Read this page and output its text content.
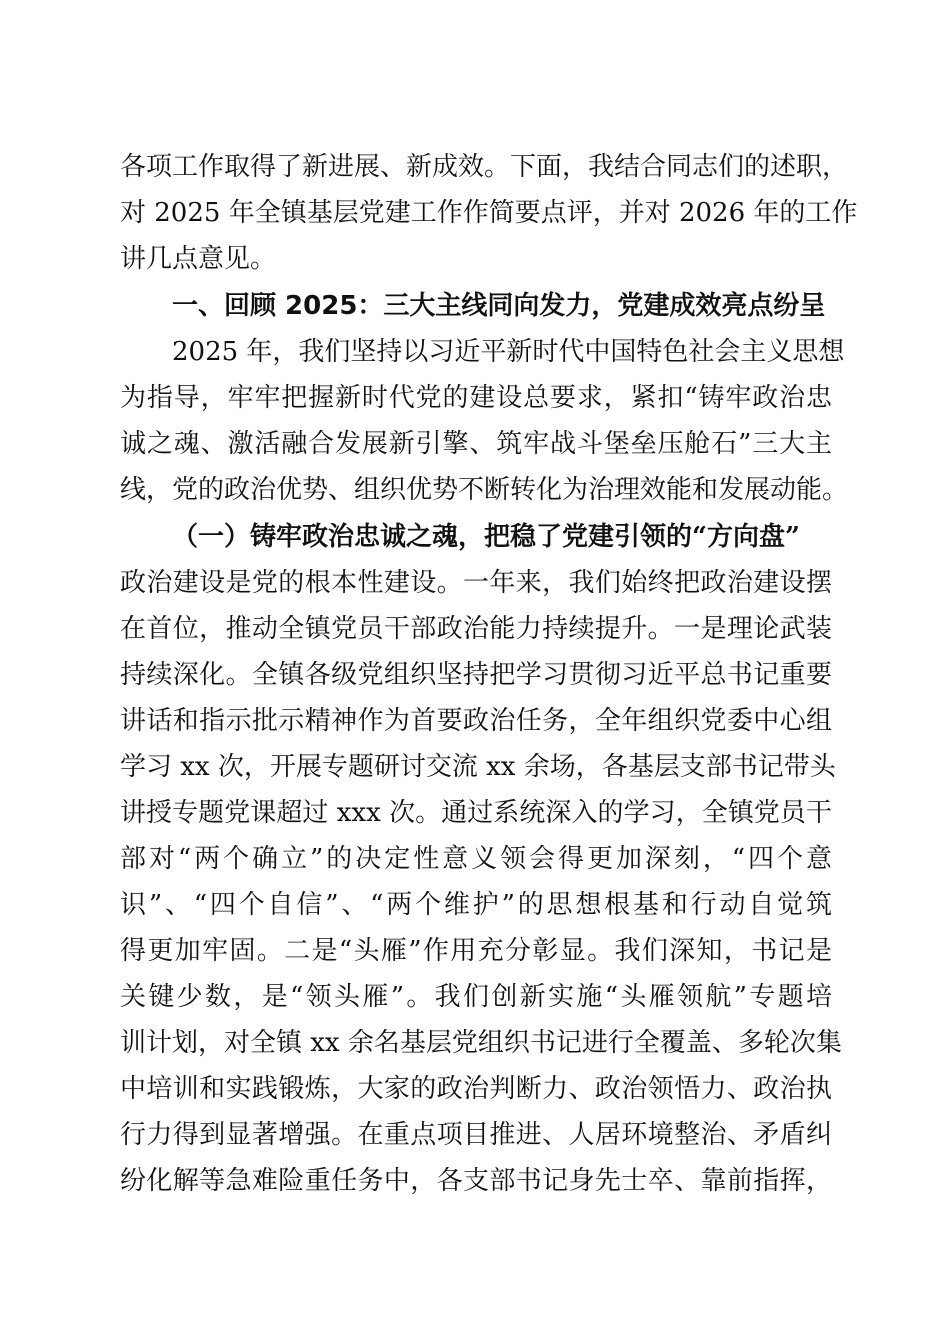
各项工作取得了新进展、新成效。下面，我结合同志们的述职，
对 2025 年全镇基层党建工作作简要点评，并对 2026 年的工作
讲几点意见。
一、回顾 2025：三大主线同向发力，党建成效亮点纷呈
2025 年，我们坚持以习近平新时代中国特色社会主义思想
为指导，牢牢把握新时代党的建设总要求，紧扣“铸牢政治忠
诚之魂、激活融合发展新引擎、筑牢战斗堡垒压舱石”三大主
线，党的政治优势、组织优势不断转化为治理效能和发展动能。
（一）铸牢政治忠诚之魂，把稳了党建引领的“方向盘”
政治建设是党的根本性建设。一年来，我们始终把政治建设摆
在首位，推动全镇党员干部政治能力持续提升。一是理论武装
持续深化。全镇各级党组织坚持把学习贯彻习近平总书记重要
讲话和指示批示精神作为首要政治任务，全年组织党委中心组
学习 xx 次，开展专题研讨交流 xx 余场，各基层支部书记带头
讲授专题党课超过 xxx 次。通过系统深入的学习，全镇党员干
部对“两个确立”的决定性意义领会得更加深刻，“四个意
识”、“四个自信”、“两个维护”的思想根基和行动自觉筑
得更加牢固。二是“头雁”作用充分彰显。我们深知，书记是
关键少数，是“领头雁”。我们创新实施“头雁领航”专题培
训计划，对全镇 xx 余名基层党组织书记进行全覆盖、多轮次集
中培训和实践锻炼，大家的政治判断力、政治领悟力、政治执
行力得到显著增强。在重点项目推进、人居环境整治、矛盾纠
纷化解等急难险重任务中，各支部书记身先士卒、靠前指挥，
